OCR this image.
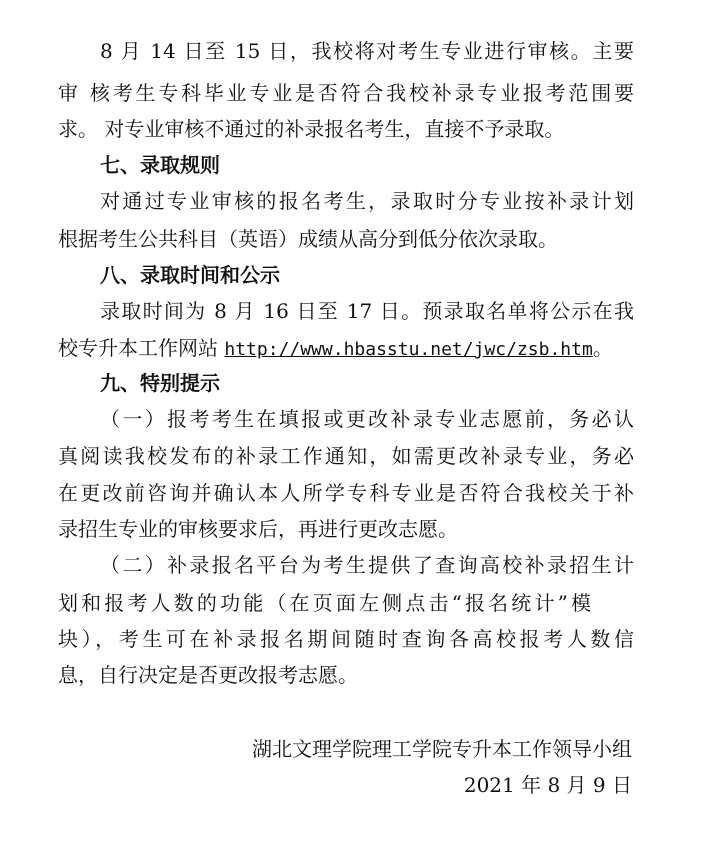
8 月 14 日至 15 日，我校将对考生专业进行审核。主要
审 核考生专科毕业专业是否符合我校补录专业报考范围要
求。 对专业审核不通过的补录报名考生，直接不予录取。
七、录取规则
对通过专业审核的报名考生，录取时分专业按补录计划
根据考生公共科目（英语）成绩从高分到低分依次录取。
八、录取时间和公示
录取时间为 8 月 16 日至 17 日。预录取名单将公示在我
校专升本工作网站 http://www.hbasstu.net/jwc/zsb.htm。
九、特别提示
（一）报考考生在填报或更改补录专业志愿前，务必认
真阅读我校发布的补录工作通知，如需更改补录专业，务必
在更改前咨询并确认本人所学专科专业是否符合我校关于补
录招生专业的审核要求后，再进行更改志愿。
（二）补录报名平台为考生提供了查询高校补录招生计
划和报考人数的功能（在页面左侧点击“报名统计”模
块），考生可在补录报名期间随时查询各高校报考人数信
息，自行决定是否更改报考志愿。
湖北文理学院理工学院专升本工作领导小组
2021 年 8 月 9 日
